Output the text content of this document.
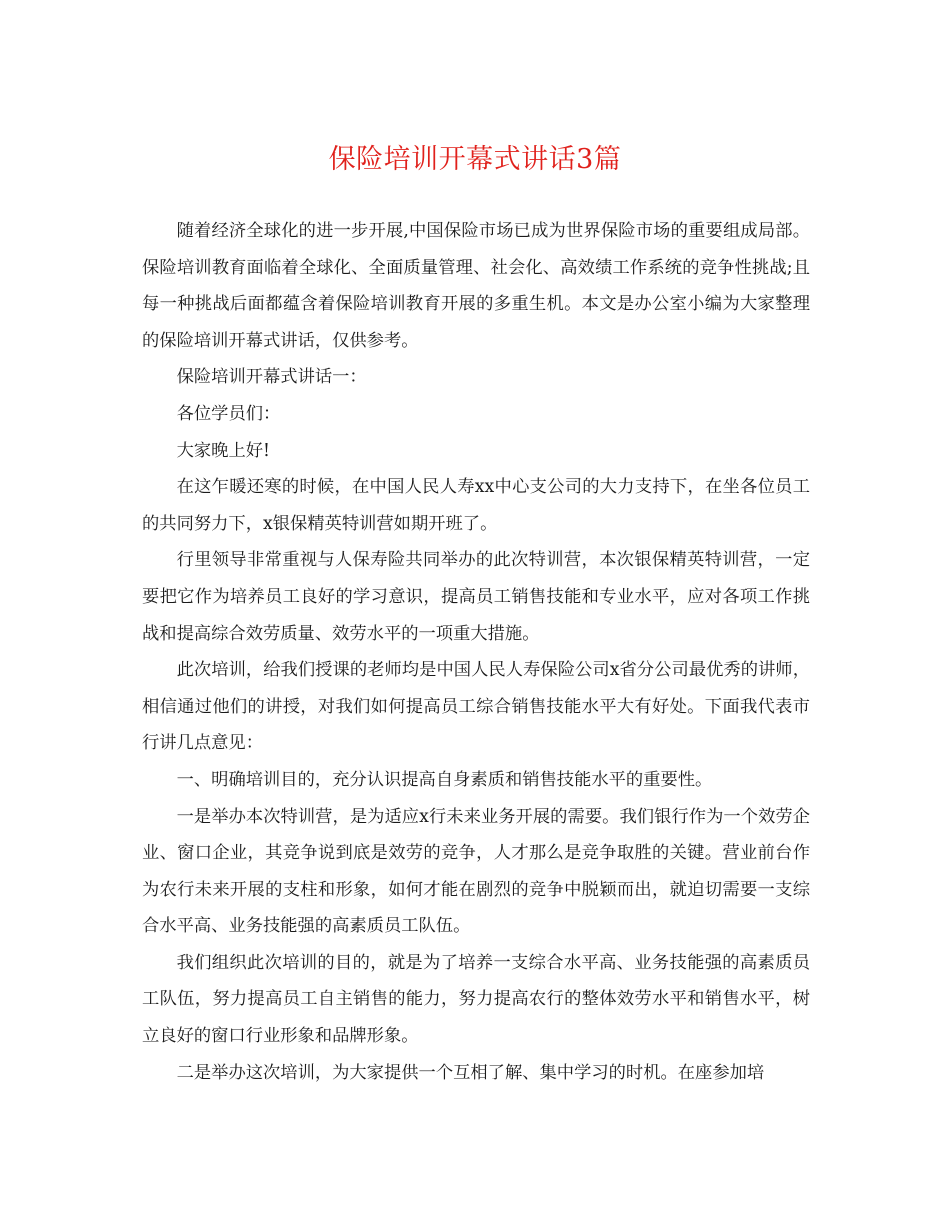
保险培训开幕式讲话3篇

随着经济全球化的进一步开展,中国保险市场已成为世界保险市场的重要组成局部。保险培训教育面临着全球化、全面质量管理、社会化、高效绩工作系统的竞争性挑战;且每一种挑战后面都蕴含着保险培训教育开展的多重生机。本文是办公室小编为大家整理的保险培训开幕式讲话，仅供参考。

保险培训开幕式讲话一：

各位学员们：

大家晚上好!

在这乍暖还寒的时候，在中国人民人寿xx中心支公司的大力支持下，在坐各位员工的共同努力下，x银保精英特训营如期开班了。

行里领导非常重视与人保寿险共同举办的此次特训营，本次银保精英特训营，一定要把它作为培养员工良好的学习意识，提高员工销售技能和专业水平，应对各项工作挑战和提高综合效劳质量、效劳水平的一项重大措施。

此次培训，给我们授课的老师均是中国人民人寿保险公司x省分公司最优秀的讲师，相信通过他们的讲授，对我们如何提高员工综合销售技能水平大有好处。下面我代表市行讲几点意见：

一、明确培训目的，充分认识提高自身素质和销售技能水平的重要性。

一是举办本次特训营，是为适应x行未来业务开展的需要。我们银行作为一个效劳企业、窗口企业，其竞争说到底是效劳的竞争，人才那么是竞争取胜的关键。营业前台作为农行未来开展的支柱和形象，如何才能在剧烈的竞争中脱颖而出，就迫切需要一支综合水平高、业务技能强的高素质员工队伍。

我们组织此次培训的目的，就是为了培养一支综合水平高、业务技能强的高素质员工队伍，努力提高员工自主销售的能力，努力提高农行的整体效劳水平和销售水平，树立良好的窗口行业形象和品牌形象。

二是举办这次培训，为大家提供一个互相了解、集中学习的时机。在座参加培
